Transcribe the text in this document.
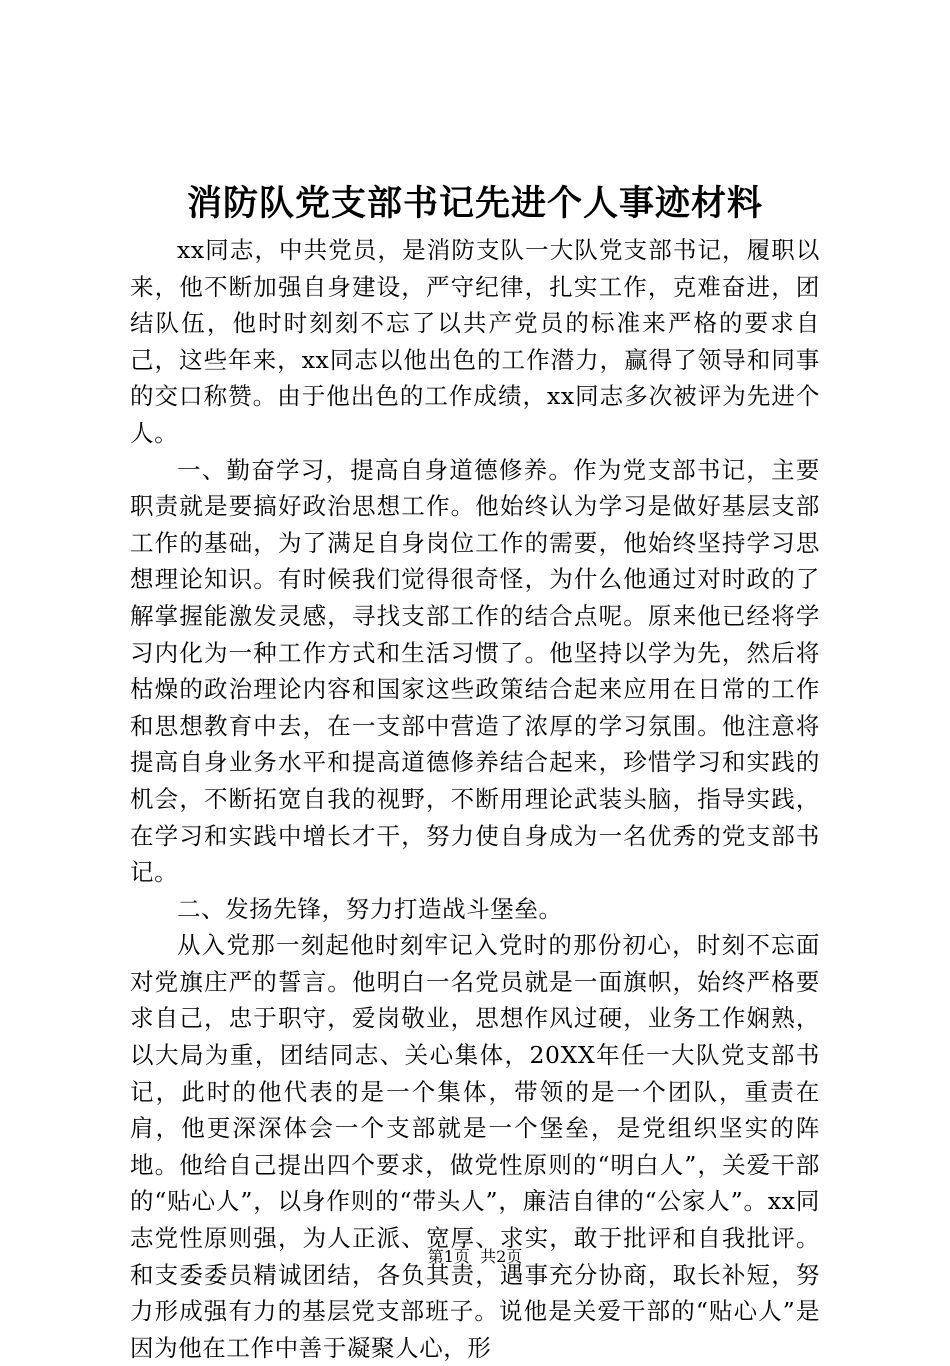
消防队党支部书记先进个人事迹材料

xx同志，中共党员，是消防支队一大队党支部书记，履职以来，他不断加强自身建设，严守纪律，扎实工作，克难奋进，团结队伍，他时时刻刻不忘了以共产党员的标准来严格的要求自己，这些年来，xx同志以他出色的工作潜力，赢得了领导和同事的交口称赞。由于他出色的工作成绩，xx同志多次被评为先进个人。

一、勤奋学习，提高自身道德修养。作为党支部书记，主要职责就是要搞好政治思想工作。他始终认为学习是做好基层支部工作的基础，为了满足自身岗位工作的需要，他始终坚持学习思想理论知识。有时候我们觉得很奇怪，为什么他通过对时政的了解掌握能激发灵感，寻找支部工作的结合点呢。原来他已经将学习内化为一种工作方式和生活习惯了。他坚持以学为先，然后将枯燥的政治理论内容和国家这些政策结合起来应用在日常的工作和思想教育中去，在一支部中营造了浓厚的学习氛围。他注意将提高自身业务水平和提高道德修养结合起来，珍惜学习和实践的机会，不断拓宽自我的视野，不断用理论武装头脑，指导实践，在学习和实践中增长才干，努力使自身成为一名优秀的党支部书记。

二、发扬先锋，努力打造战斗堡垒。

从入党那一刻起他时刻牢记入党时的那份初心，时刻不忘面对党旗庄严的誓言。他明白一名党员就是一面旗帜，始终严格要求自己，忠于职守，爱岗敬业，思想作风过硬，业务工作娴熟，以大局为重，团结同志、关心集体，20XX年任一大队党支部书记，此时的他代表的是一个集体，带领的是一个团队，重责在肩，他更深深体会一个支部就是一个堡垒，是党组织坚实的阵地。他给自己提出四个要求，做党性原则的“明白人”，关爱干部的“贴心人”，以身作则的“带头人”，廉洁自律的“公家人”。xx同志党性原则强，为人正派、宽厚、求实，敢于批评和自我批评。和支委委员精诚团结，各负其责，遇事充分协商，取长补短，努力形成强有力的基层党支部班子。说他是关爱干部的“贴心人”是因为他在工作中善于凝聚人心，形

第1页 共2页
